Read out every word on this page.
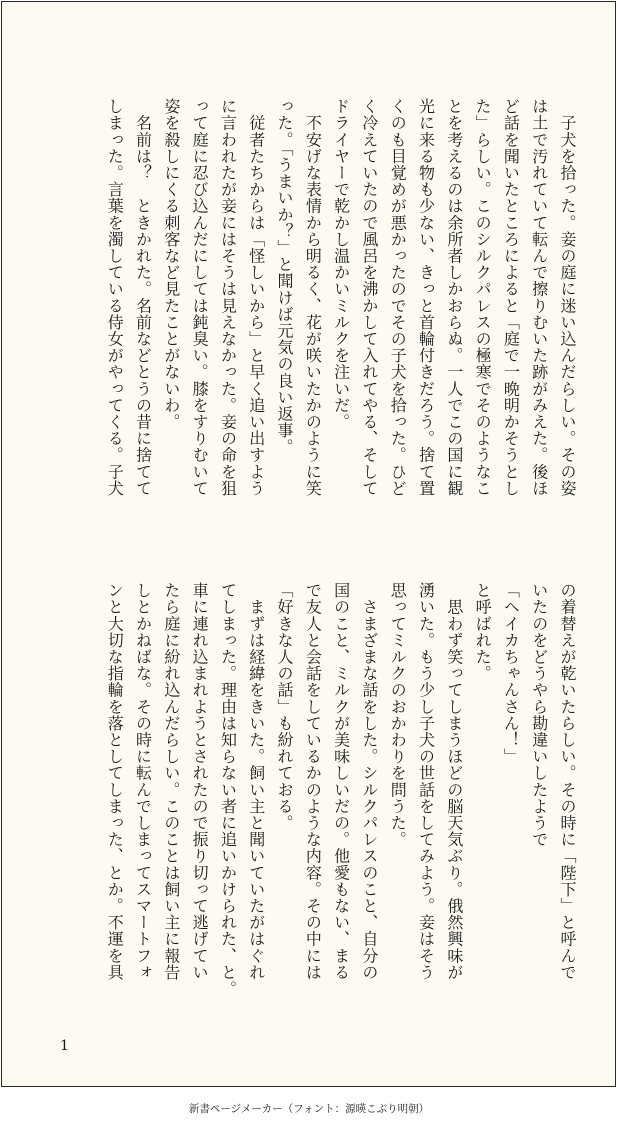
　子犬を拾った。妾の庭に迷い込んだらしい。その姿
は土で汚れていて転んで擦りむいた跡がみえた。後ほ
ど話を聞いたところによると「庭で一晩明かそうとし
た」らしい。このシルクパレスの極寒でそのようなこ
とを考えるのは余所者しかおらぬ。一人でこの国に観
光に来る物も少ない、きっと首輪付きだろう。捨て置
くのも目覚めが悪かったのでその子犬を拾った。ひど
く冷えていたので風呂を沸かして入れてやる、そして
ドライヤーで乾かし温かいミルクを注いだ。
　不安げな表情から明るく、花が咲いたかのように笑
った。「うまいか？」と聞けば元気の良い返事。
　従者たちからは「怪しいから」と早く追い出すよう
に言われたが妾にはそうは見えなかった。妾の命を狙
って庭に忍び込んだにしては鈍臭い。膝をすりむいて
姿を殺しにくる刺客など見たことがないわ。
　名前は？　ときかれた。名前などとうの昔に捨てて
しまった。言葉を濁している侍女がやってくる。子犬
の着替えが乾いたらしい。その時に「陛下」と呼んで
いたのをどうやら勘違いしたようで
「ヘイカちゃんさん！」
と呼ばれた。
　思わず笑ってしまうほどの脳天気ぶり。俄然興味が
湧いた。もう少し子犬の世話をしてみよう。妾はそう
思ってミルクのおかわりを問うた。
　さまざまな話をした。シルクパレスのこと、自分の
国のこと、ミルクが美味しいだの。他愛もない、まる
で友人と会話をしているかのような内容。その中には
「好きな人の話」も紛れておる。
　まずは経緯をきいた。飼い主と聞いていたがはぐれ
てしまった。理由は知らない者に追いかけられた、と。
車に連れ込まれようとされたので振り切って逃げてい
たら庭に紛れ込んだらしい。このことは飼い主に報告
しとかねばな。その時に転んでしまってスマートフォ
ンと大切な指輪を落としてしまった、とか。不運を具
1
新書ページメーカー（フォント：源暎こぶり明朝）
